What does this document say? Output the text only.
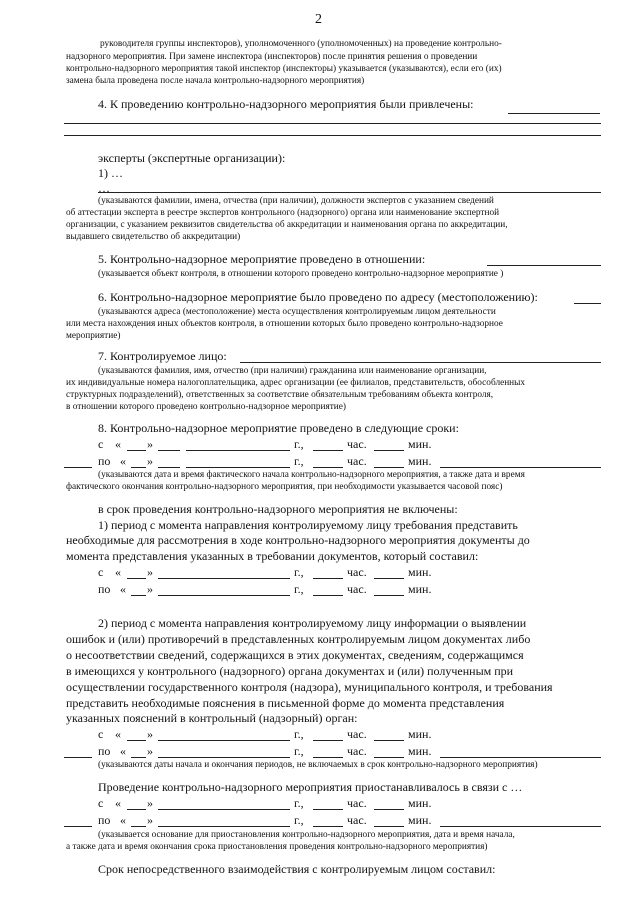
2
руководителя группы инспекторов), уполномоченного (уполномоченных) на проведение контрольно-
надзорного мероприятия. При замене инспектора (инспекторов) после принятия решения о проведении
контрольно-надзорного мероприятия такой инспектор (инспекторы) указывается (указываются), если его (их)
замена была проведена после начала контрольно-надзорного мероприятия)
4. К проведению контрольно-надзорного мероприятия были привлечены:
эксперты (экспертные организации):
1) …
…
(указываются фамилии, имена, отчества (при наличии), должности экспертов с указанием сведений
об аттестации эксперта в реестре экспертов контрольного (надзорного) органа или наименование экспертной
организации, с указанием реквизитов свидетельства об аккредитации и наименования органа по аккредитации,
выдавшего свидетельство об аккредитации)
5. Контрольно-надзорное мероприятие проведено в отношении:
(указывается объект контроля, в отношении которого проведено контрольно-надзорное мероприятие )
6. Контрольно-надзорное мероприятие было проведено по адресу (местоположению):
(указываются адреса (местоположение) места осуществления контролируемым лицом деятельности
или места нахождения иных объектов контроля, в отношении которых было проведено контрольно-надзорное
мероприятие)
7. Контролируемое лицо:
(указываются фамилия, имя, отчество (при наличии) гражданина или наименование организации,
их индивидуальные номера налогоплательщика, адрес организации (ее филиалов, представительств, обособленных
структурных подразделений), ответственных за соответствие обязательным требованиям объекта контроля,
в отношении которого проведено контрольно-надзорное мероприятие)
8. Контрольно-надзорное мероприятие проведено в следующие сроки:
с « »	г.,	час.	мин.
по « »	г.,	час.	мин.
(указываются дата и время фактического начала контрольно-надзорного мероприятия, а также дата и время
фактического окончания контрольно-надзорного мероприятия, при необходимости указывается часовой пояс)
в срок проведения контрольно-надзорного мероприятия не включены:
1) период с момента направления контролируемому лицу требования представить
необходимые для рассмотрения в ходе контрольно-надзорного мероприятия документы до
момента представления указанных в требовании документов, который составил:
с « »	г.,	час.	мин.
по « »	г.,	час.	мин.
2) период с момента направления контролируемому лицу информации о выявлении
ошибок и (или) противоречий в представленных контролируемым лицом документах либо
о несоответствии сведений, содержащихся в этих документах, сведениям, содержащимся
в имеющихся у контрольного (надзорного) органа документах и (или) полученным при
осуществлении государственного контроля (надзора), муниципального контроля, и требования
представить необходимые пояснения в письменной форме до момента представления
указанных пояснений в контрольный (надзорный) орган:
с « »	г.,	час.	мин.
по « »	г.,	час.	мин.
(указываются даты начала и окончания периодов, не включаемых в срок контрольно-надзорного мероприятия)
Проведение контрольно-надзорного мероприятия приостанавливалось в связи с …
с « »	г.,	час.	мин.
по « »	г.,	час.	мин.
(указывается основание для приостановления контрольно-надзорного мероприятия, дата и время начала,
а также дата и время окончания срока приостановления проведения контрольно-надзорного мероприятия)
Срок непосредственного взаимодействия с контролируемым лицом составил:
